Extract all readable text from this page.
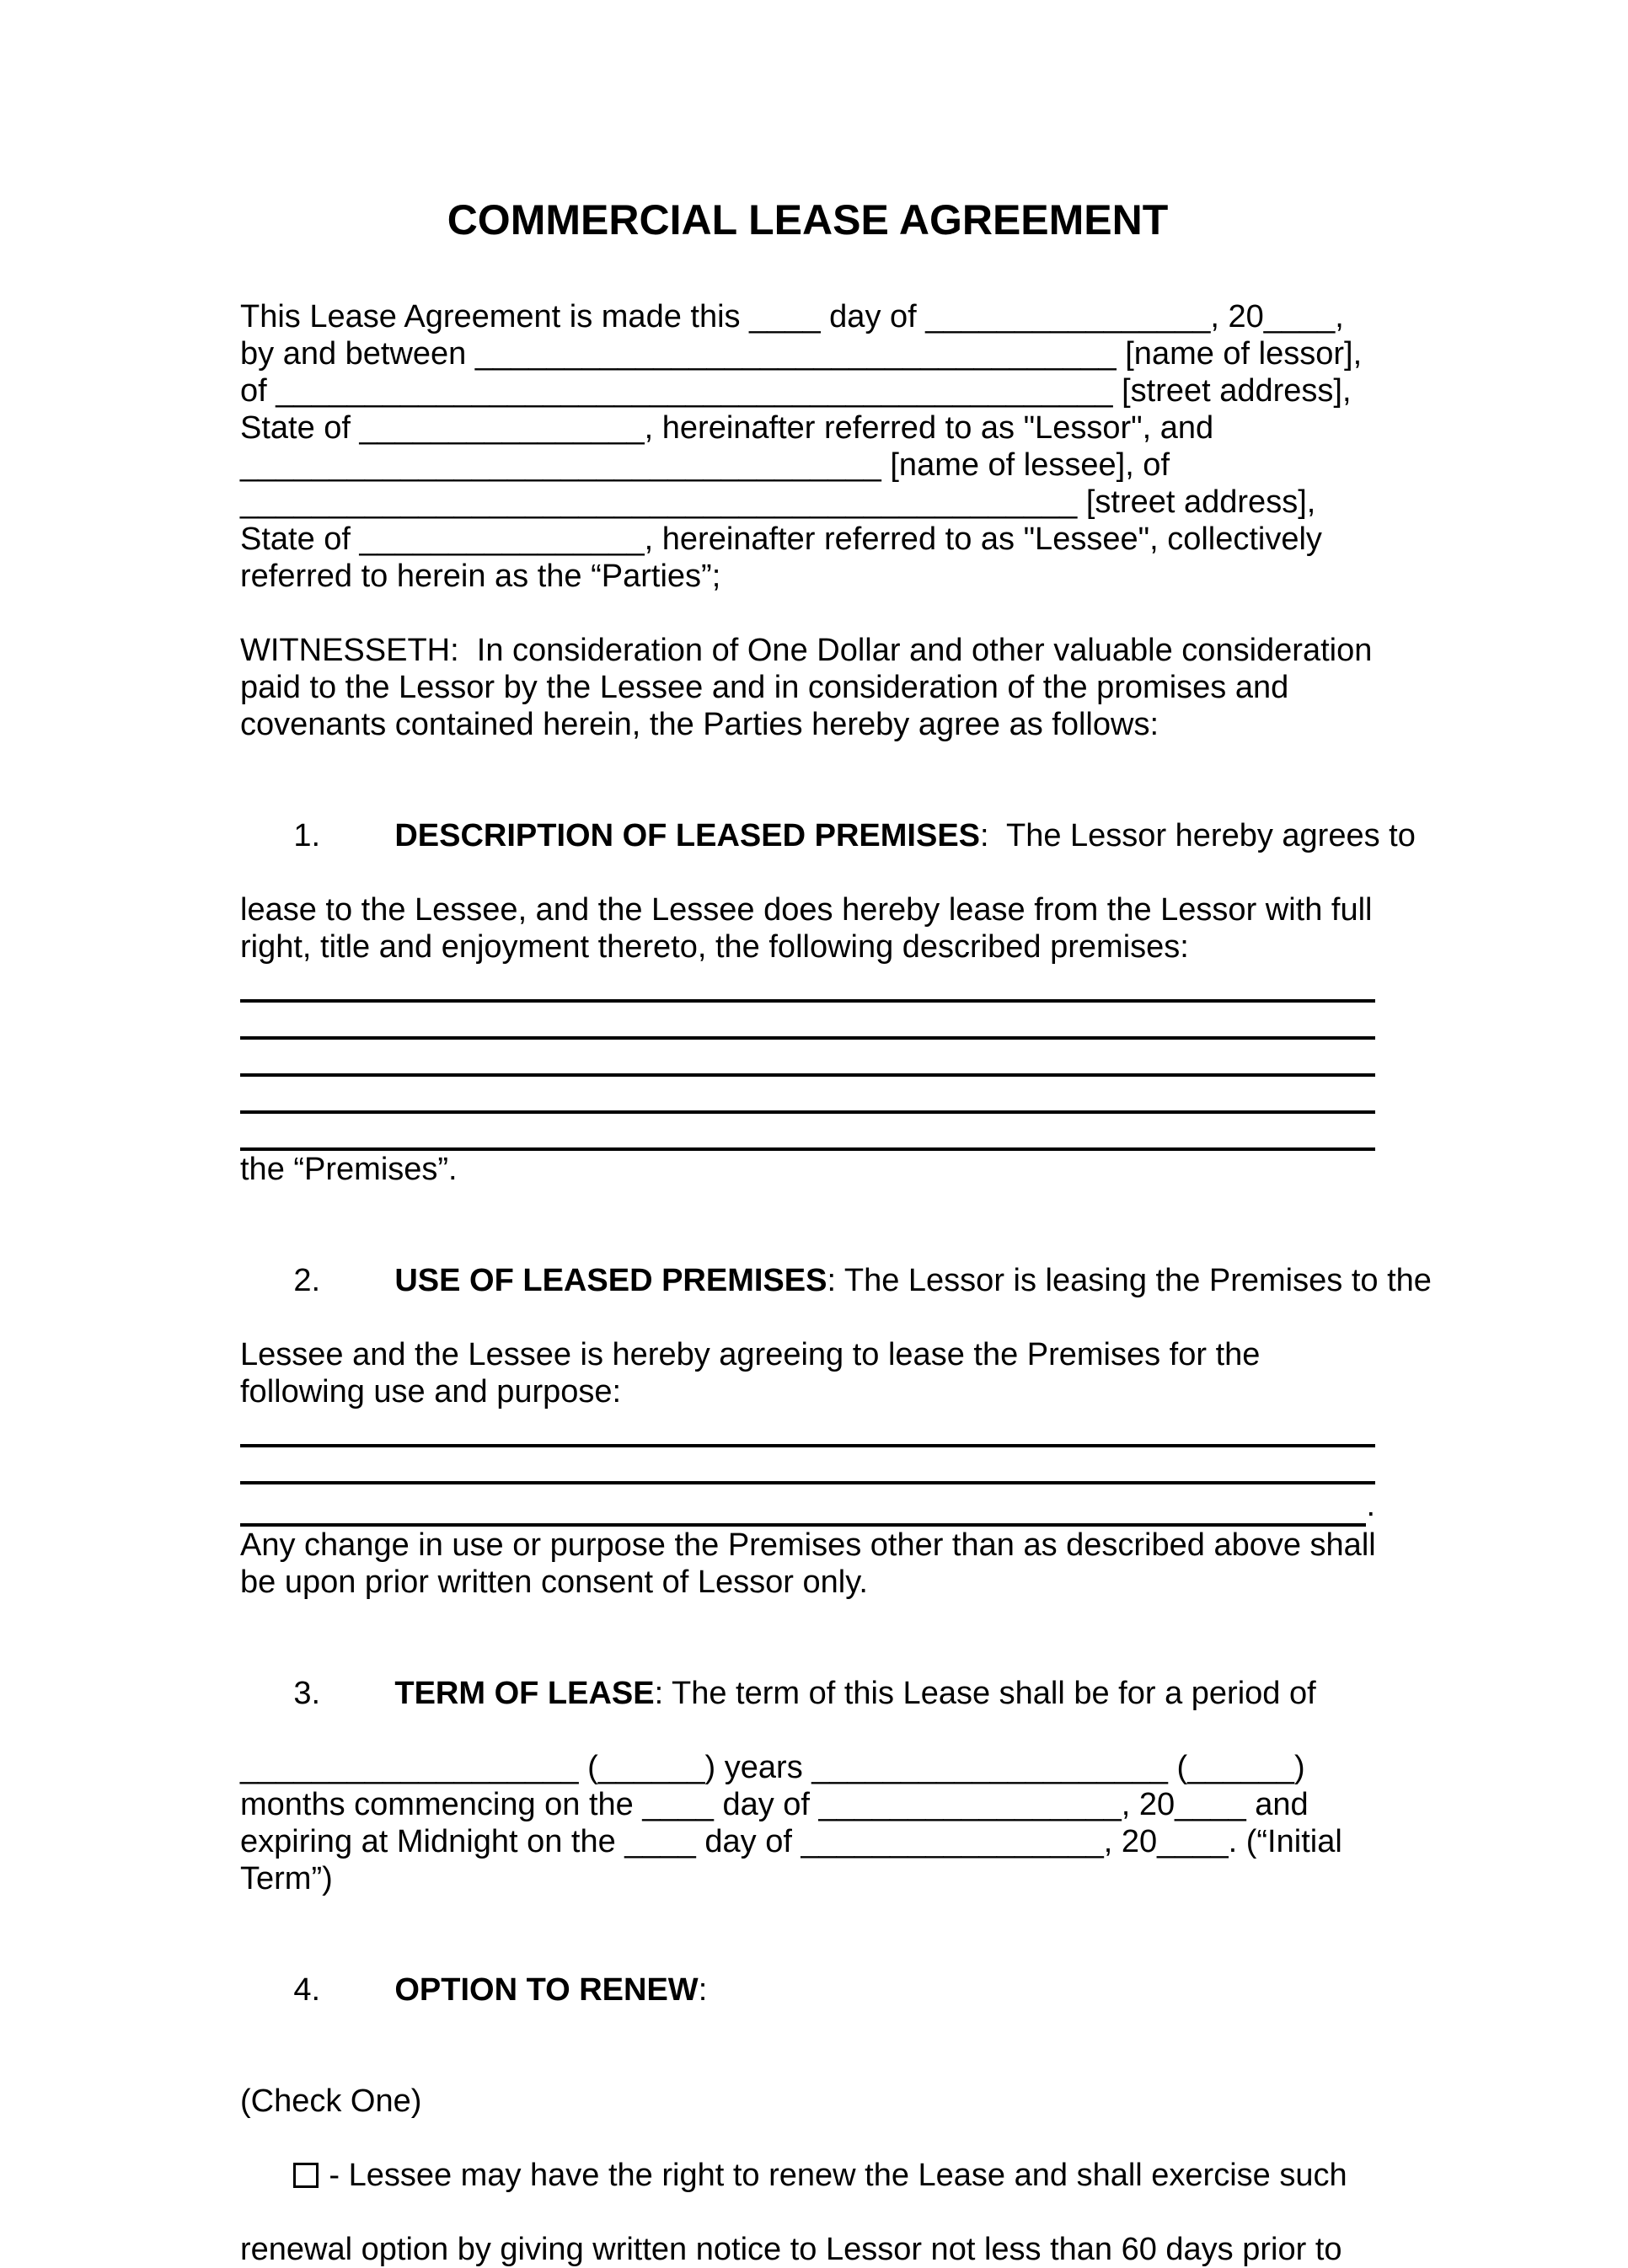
COMMERCIAL LEASE AGREEMENT
This Lease Agreement is made this ____ day of ________________, 20____,
by and between ____________________________________ [name of lessor],
of _______________________________________________ [street address],
State of ________________, hereinafter referred to as "Lessor", and
____________________________________ [name of lessee], of
_______________________________________________ [street address],
State of ________________, hereinafter referred to as "Lessee", collectively
referred to herein as the “Parties”;
WITNESSETH:  In consideration of One Dollar and other valuable consideration
paid to the Lessor by the Lessee and in consideration of the promises and
covenants contained herein, the Parties hereby agree as follows:

1. DESCRIPTION OF LEASED PREMISES:  The Lessor hereby agrees to

lease to the Lessee, and the Lessee does hereby lease from the Lessor with full
right, title and enjoyment thereto, the following described premises:
the “Premises”.

2. USE OF LEASED PREMISES: The Lessor is leasing the Premises to the

Lessee and the Lessee is hereby agreeing to lease the Premises for the
following use and purpose:
.
Any change in use or purpose the Premises other than as described above shall
be upon prior written consent of Lessor only.

3. TERM OF LEASE: The term of this Lease shall be for a period of

___________________ (______) years ____________________ (______)
months commencing on the ____ day of _________________, 20____ and
expiring at Midnight on the ____ day of _________________, 20____. (“Initial
Term”)

4. OPTION TO RENEW:

(Check One)

- Lessee may have the right to renew the Lease and shall exercise such

renewal option by giving written notice to Lessor not less than 60 days prior to
